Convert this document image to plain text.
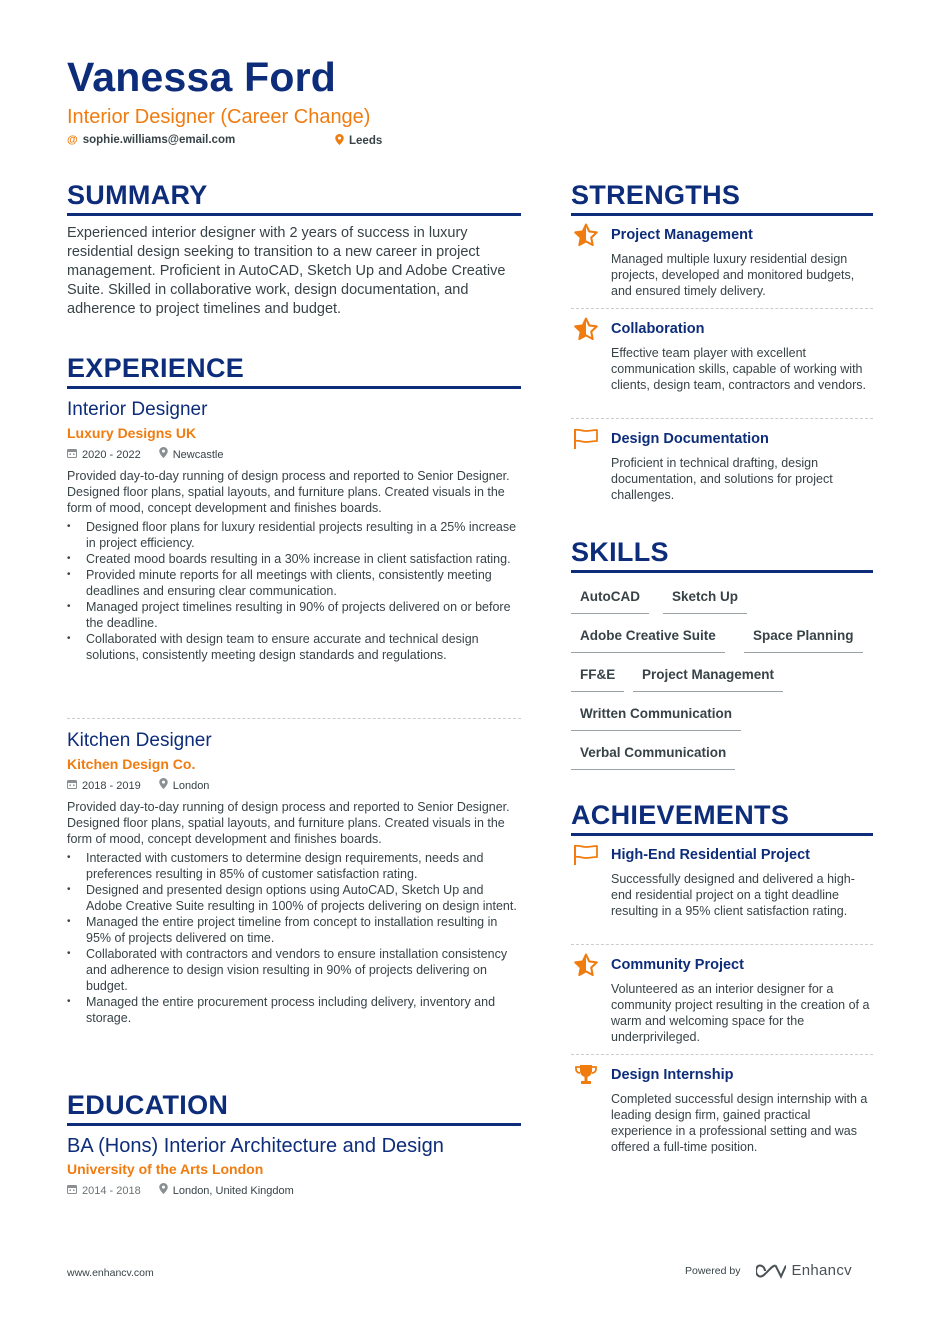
Vanessa Ford
Interior Designer (Career Change)
@ sophie.williams@email.com	Leeds
SUMMARY
Experienced interior designer with 2 years of success in luxury residential design seeking to transition to a new career in project management. Proficient in AutoCAD, Sketch Up and Adobe Creative Suite. Skilled in collaborative work, design documentation, and adherence to project timelines and budget.
EXPERIENCE
Interior Designer
Luxury Designs UK
2020 - 2022	Newcastle
Provided day-to-day running of design process and reported to Senior Designer. Designed floor plans, spatial layouts, and furniture plans. Created visuals in the form of mood, concept development and finishes boards.
• Designed floor plans for luxury residential projects resulting in a 25% increase in project efficiency.
• Created mood boards resulting in a 30% increase in client satisfaction rating.
• Provided minute reports for all meetings with clients, consistently meeting deadlines and ensuring clear communication.
• Managed project timelines resulting in 90% of projects delivered on or before the deadline.
• Collaborated with design team to ensure accurate and technical design solutions, consistently meeting design standards and regulations.
Kitchen Designer
Kitchen Design Co.
2018 - 2019	London
Provided day-to-day running of design process and reported to Senior Designer. Designed floor plans, spatial layouts, and furniture plans. Created visuals in the form of mood, concept development and finishes boards.
• Interacted with customers to determine design requirements, needs and preferences resulting in 85% of customer satisfaction rating.
• Designed and presented design options using AutoCAD, Sketch Up and Adobe Creative Suite resulting in 100% of projects delivering on design intent.
• Managed the entire project timeline from concept to installation resulting in 95% of projects delivered on time.
• Collaborated with contractors and vendors to ensure installation consistency and adherence to design vision resulting in 90% of projects delivering on budget.
• Managed the entire procurement process including delivery, inventory and storage.
EDUCATION
BA (Hons) Interior Architecture and Design
University of the Arts London
2014 - 2018	London, United Kingdom
STRENGTHS
Project Management
Managed multiple luxury residential design projects, developed and monitored budgets, and ensured timely delivery.
Collaboration
Effective team player with excellent communication skills, capable of working with clients, design team, contractors and vendors.
Design Documentation
Proficient in technical drafting, design documentation, and solutions for project challenges.
SKILLS
AutoCAD	Sketch Up
Adobe Creative Suite	Space Planning
FF&E	Project Management
Written Communication
Verbal Communication
ACHIEVEMENTS
High-End Residential Project
Successfully designed and delivered a high-end residential project on a tight deadline resulting in a 95% client satisfaction rating.
Community Project
Volunteered as an interior designer for a community project resulting in the creation of a warm and welcoming space for the underprivileged.
Design Internship
Completed successful design internship with a leading design firm, gained practical experience in a professional setting and was offered a full-time position.
www.enhancv.com	Powered by	Enhancv
